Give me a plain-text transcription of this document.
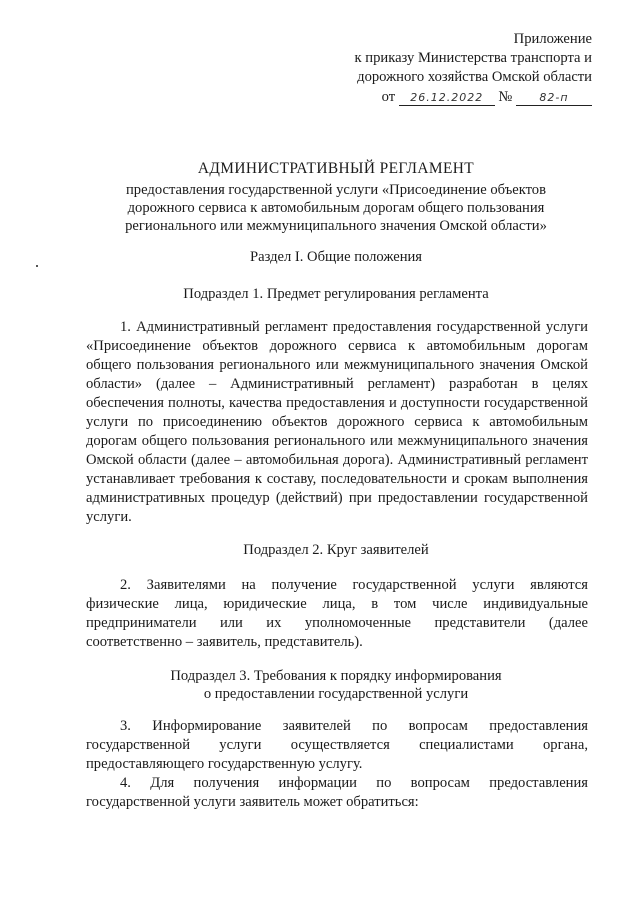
Приложение
к приказу Министерства транспорта и
дорожного хозяйства Омской области
от 26.12.2022 № 82-п
АДМИНИСТРАТИВНЫЙ РЕГЛАМЕНТ
предоставления государственной услуги «Присоединение объектов
дорожного сервиса к автомобильным дорогам общего пользования
регионального или межмуниципального значения Омской области»
Раздел I. Общие положения
Подраздел 1. Предмет регулирования регламента
1. Административный регламент предоставления государственной услуги «Присоединение объектов дорожного сервиса к автомобильным дорогам общего пользования регионального или межмуниципального значения Омской области» (далее – Административный регламент) разработан в целях обеспечения полноты, качества предоставления и доступности государственной услуги по присоединению объектов дорожного сервиса к автомобильным дорогам общего пользования регионального или межмуниципального значения Омской области (далее – автомобильная дорога). Административный регламент устанавливает требования к составу, последовательности и срокам выполнения административных процедур (действий) при предоставлении государственной услуги.
Подраздел 2. Круг заявителей
2. Заявителями на получение государственной услуги являются физические лица, юридические лица, в том числе индивидуальные предприниматели или их уполномоченные представители (далее соответственно – заявитель, представитель).
Подраздел 3. Требования к порядку информирования
о предоставлении государственной услуги
3. Информирование заявителей по вопросам предоставления государственной услуги осуществляется специалистами органа, предоставляющего государственную услугу.
4. Для получения информации по вопросам предоставления государственной услуги заявитель может обратиться:
